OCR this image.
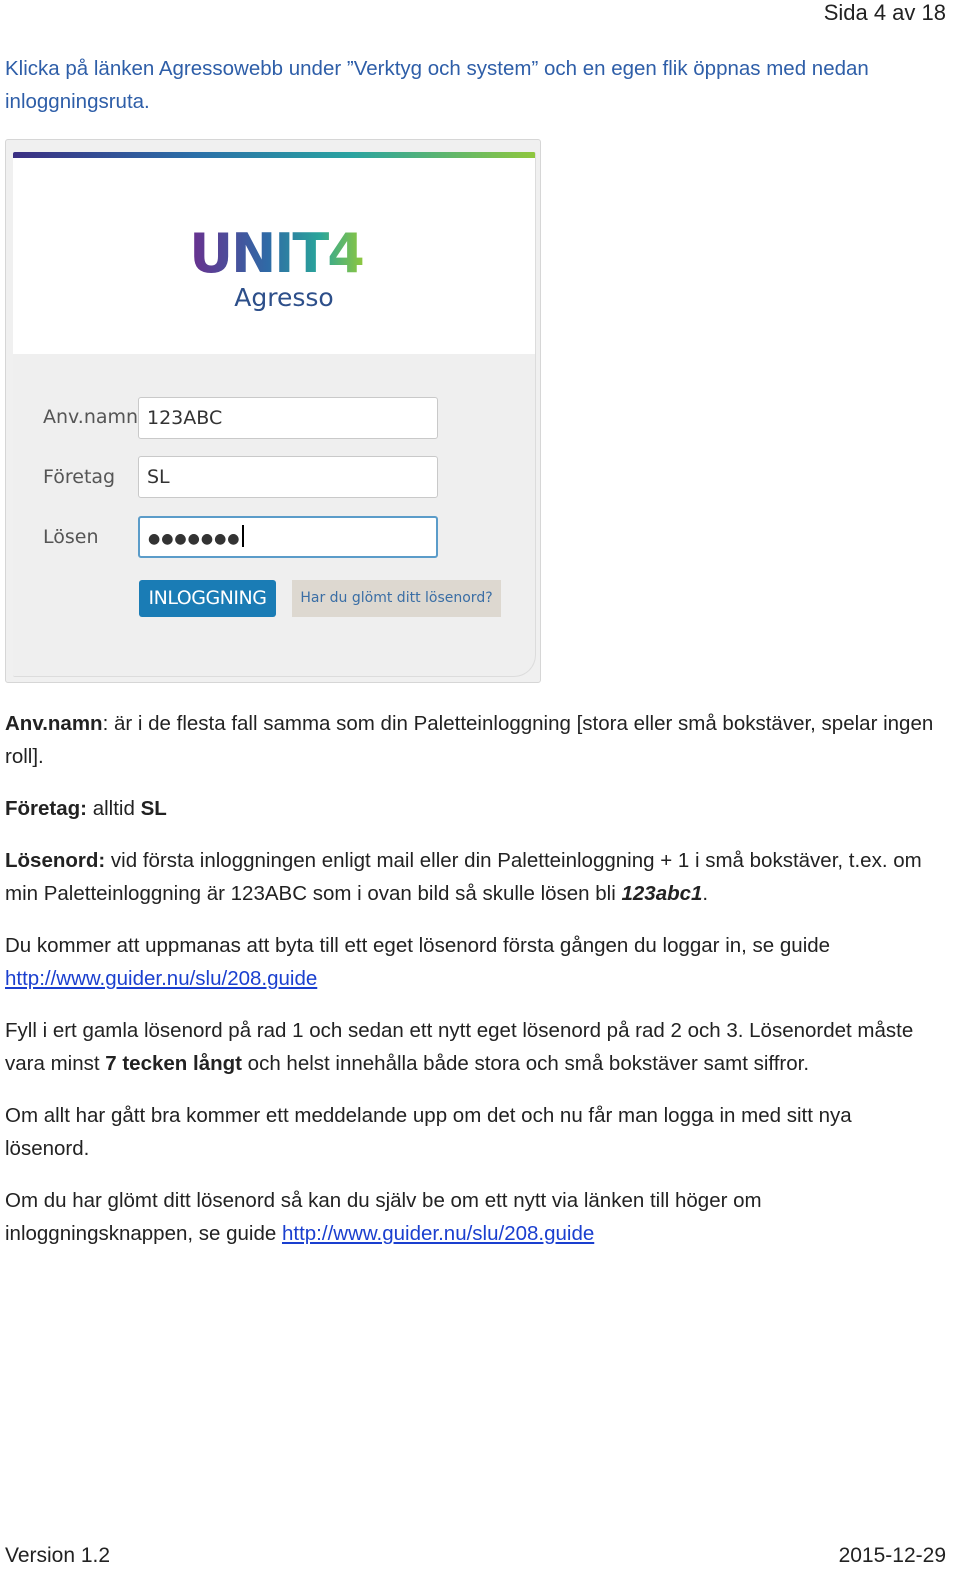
Sida 4 av 18
Klicka på länken Agressowebb under ”Verktyg och system” och en egen flik öppnas med nedan inloggningsruta.
UNIT4
Agresso
Anv.namn 123ABC
Företag	SL
Lösen	●●●●●●●
INLOGGNING	Har du glömt ditt lösenord?
Anv.namn: är i de flesta fall samma som din Paletteinloggning [stora eller små bokstäver, spelar ingen roll].
Företag: alltid SL
Lösenord: vid första inloggningen enligt mail eller din Paletteinloggning + 1 i små bokstäver, t.ex. om min Paletteinloggning är 123ABC som i ovan bild så skulle lösen bli 123abc1.
Du kommer att uppmanas att byta till ett eget lösenord första gången du loggar in, se guide
http://www.guider.nu/slu/208.guide
Fyll i ert gamla lösenord på rad 1 och sedan ett nytt eget lösenord på rad 2 och 3. Lösenordet måste vara minst 7 tecken långt och helst innehålla både stora och små bokstäver samt siffror.
Om allt har gått bra kommer ett meddelande upp om det och nu får man logga in med sitt nya lösenord.
Om du har glömt ditt lösenord så kan du själv be om ett nytt via länken till höger om inloggningsknappen, se guide http://www.guider.nu/slu/208.guide
Version 1.2	2015-12-29
